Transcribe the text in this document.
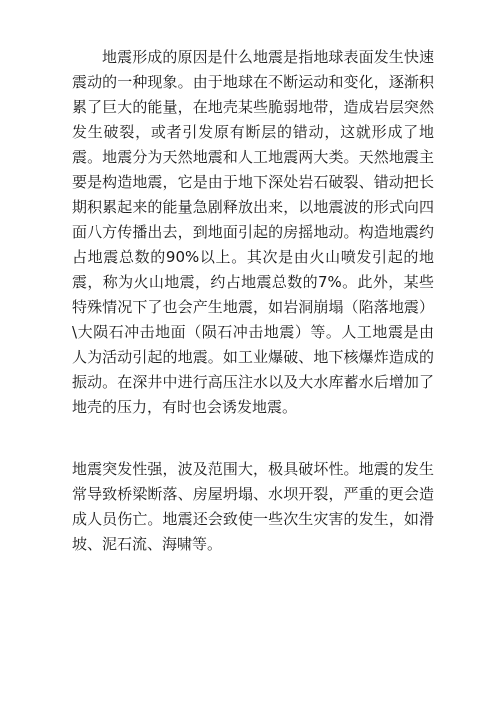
地震形成的原因是什么地震是指地球表面发生快速震动的一种现象。由于地球在不断运动和变化，逐渐积累了巨大的能量，在地壳某些脆弱地带，造成岩层突然发生破裂，或者引发原有断层的错动，这就形成了地震。地震分为天然地震和人工地震两大类。天然地震主要是构造地震，它是由于地下深处岩石破裂、错动把长期积累起来的能量急剧释放出来，以地震波的形式向四面八方传播出去，到地面引起的房摇地动。构造地震约占地震总数的90%以上。其次是由火山喷发引起的地震，称为火山地震，约占地震总数的7%。此外，某些特殊情况下了也会产生地震，如岩洞崩塌（陷落地震）\大陨石冲击地面（陨石冲击地震）等。人工地震是由人为活动引起的地震。如工业爆破、地下核爆炸造成的振动。在深井中进行高压注水以及大水库蓄水后增加了地壳的压力，有时也会诱发地震。

地震突发性强，波及范围大，极具破坏性。地震的发生常导致桥梁断落、房屋坍塌、水坝开裂，严重的更会造成人员伤亡。地震还会致使一些次生灾害的发生，如滑坡、泥石流、海啸等。
